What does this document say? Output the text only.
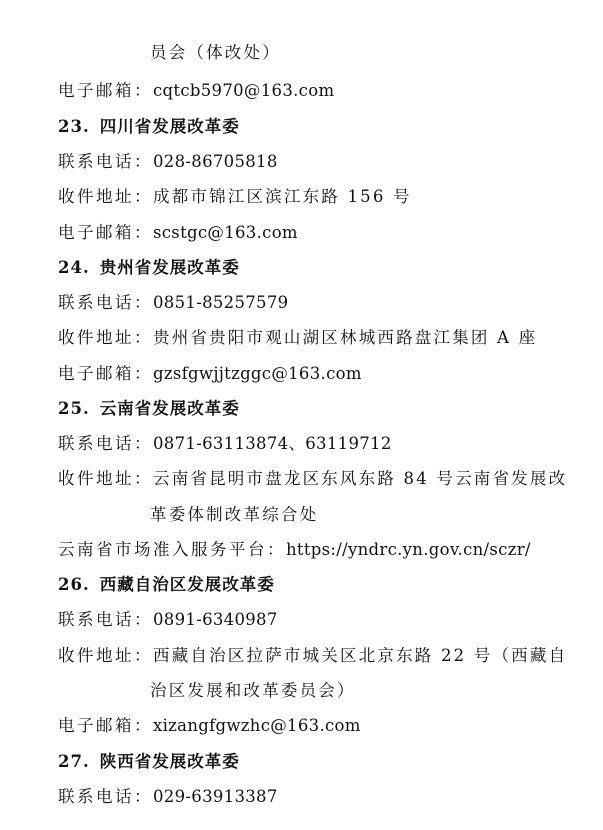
员会（体改处）
电子邮箱：cqtcb5970@163.com
23. 四川省发展改革委
联系电话：028-86705818
收件地址：成都市锦江区滨江东路 156 号
电子邮箱：scstgc@163.com
24. 贵州省发展改革委
联系电话：0851-85257579
收件地址：贵州省贵阳市观山湖区林城西路盘江集团 A 座
电子邮箱：gzsfgwjjtzggc@163.com
25. 云南省发展改革委
联系电话：0871-63113874、63119712
收件地址：云南省昆明市盘龙区东风东路 84 号云南省发展改
革委体制改革综合处
云南省市场准入服务平台：https://yndrc.yn.gov.cn/sczr/
26. 西藏自治区发展改革委
联系电话：0891-6340987
收件地址：西藏自治区拉萨市城关区北京东路 22 号（西藏自
治区发展和改革委员会）
电子邮箱：xizangfgwzhc@163.com
27. 陕西省发展改革委
联系电话：029-63913387
